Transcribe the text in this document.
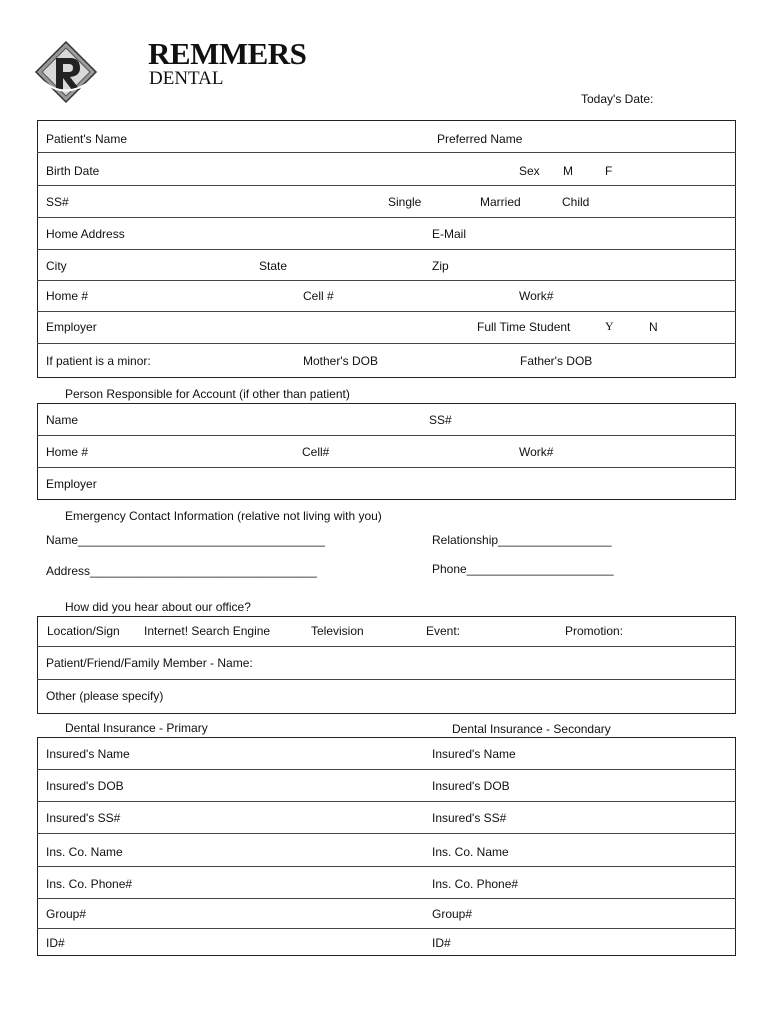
REMMERS
DENTAL
Today's Date:
Patient's Name	Preferred Name
Birth Date	Sex M	F
SS#	Single	Married	Child
Home Address	E-Mail
City	State	Zip
Home #	Cell #	Work#
Employer	Full Time Student	Y	N
If patient is a minor:	Mother's DOB	Father's DOB
Person Responsible for Account (if other than patient)
Name	SS#
Home #	Cell#	Work#
Employer
Emergency Contact Information (relative not living with you)
Name_____________________________________	Relationship_________________
Address__________________________________	Phone______________________
How did you hear about our office?
Location/Sign Internet! Search Engine	Television	Event:	Promotion:
Patient/Friend/Family Member - Name:
Other (please specify)
Dental Insurance - Primary	Dental Insurance - Secondary
Insured's Name	Insured's Name
Insured's DOB	Insured's DOB
Insured's SS#	Insured's SS#
Ins. Co. Name	Ins. Co. Name
Ins. Co. Phone#	Ins. Co. Phone#
Group#	Group#
ID#	ID#
